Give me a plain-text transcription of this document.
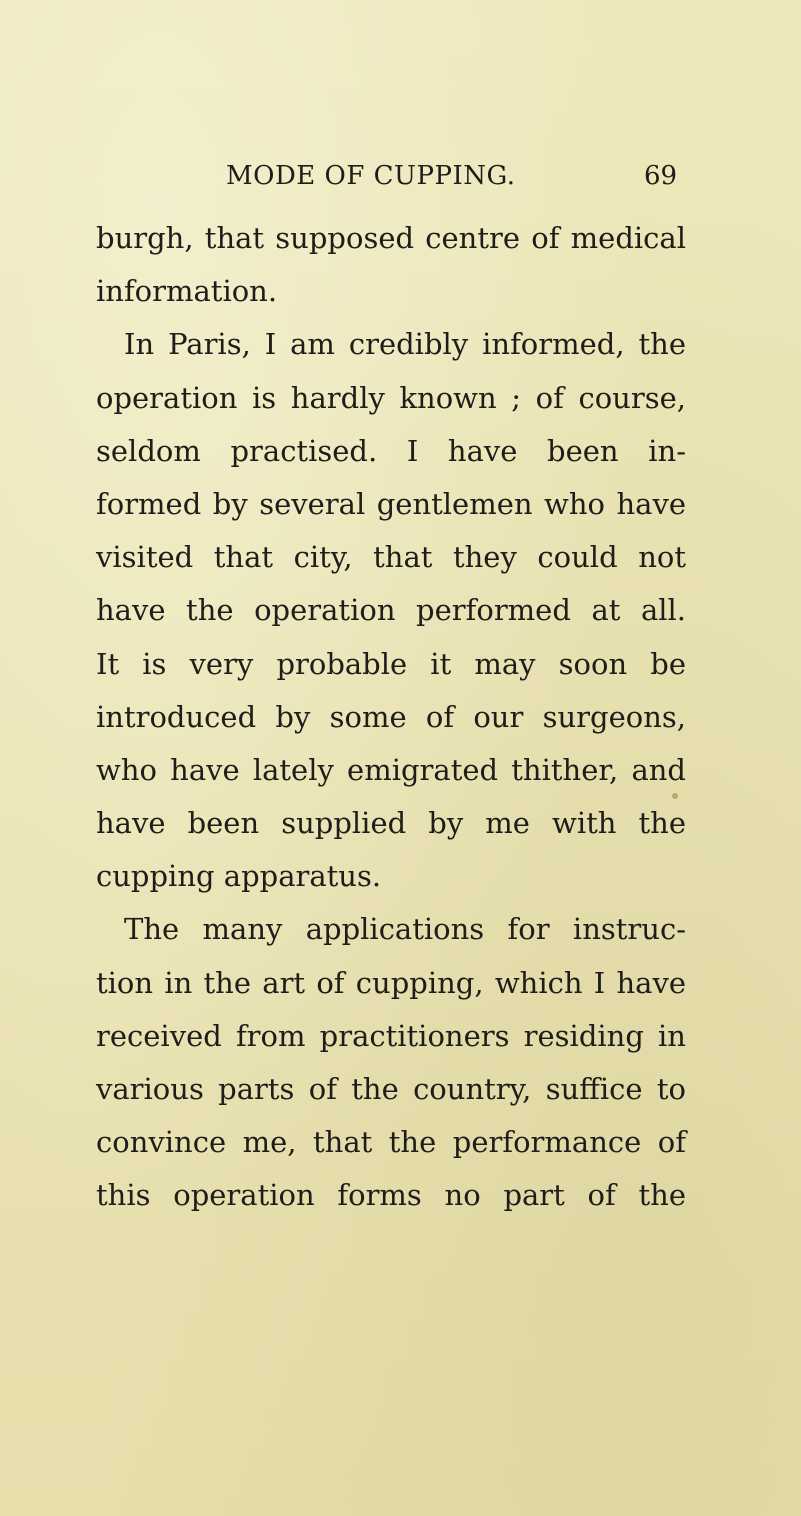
MODE OF CUPPING.	69
burgh, that supposed centre of medical
information.
In Paris, I am credibly informed, the
operation is hardly known ; of course,
seldom practised. I have been in-
formed by several gentlemen who have
visited that city, that they could not
have the operation performed at all.
It is very probable it may soon be
introduced by some of our surgeons,
who have lately emigrated thither, and
have been supplied by me with the
cupping apparatus.
The many applications for instruc-
tion in the art of cupping, which I have
received from practitioners residing in
various parts of the country, suffice to
convince me, that the performance of
this operation forms no part of the
